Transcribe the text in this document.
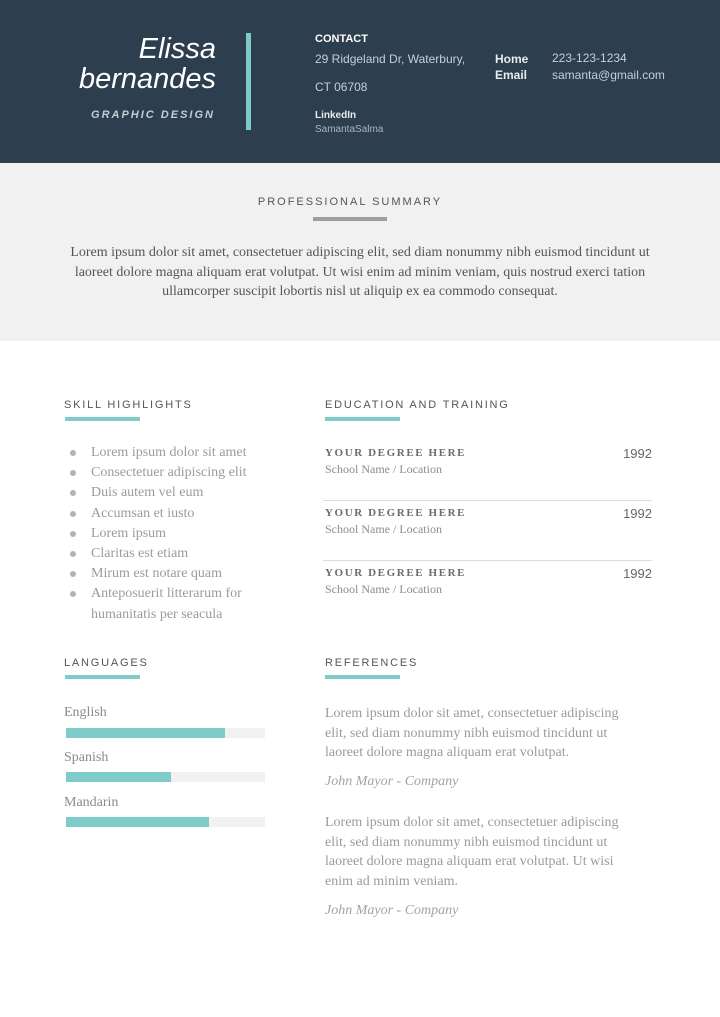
Elissa
bernandes
GRAPHIC DESIGN
CONTACT
29 Ridgeland Dr, Waterbury,
CT 06708
LinkedIn
SamantaSalma
Home 223-123-1234
Email samanta@gmail.com
PROFESSIONAL SUMMARY
Lorem ipsum dolor sit amet, consectetuer adipiscing elit, sed diam nonummy nibh euismod tincidunt ut laoreet dolore magna aliquam erat volutpat. Ut wisi enim ad minim veniam, quis nostrud exerci tation ullamcorper suscipit lobortis nisl ut aliquip ex ea commodo consequat.
SKILL HIGHLIGHTS
Lorem ipsum dolor sit amet
Consectetuer adipiscing elit
Duis autem vel eum
Accumsan et iusto
Lorem ipsum
Claritas est etiam
Mirum est notare quam
Anteposuerit litterarum for humanitatis per seacula
EDUCATION AND TRAINING
YOUR DEGREE HERE
School Name / Location
1992
YOUR DEGREE HERE
School Name / Location
1992
YOUR DEGREE HERE
School Name / Location
1992
LANGUAGES
English
Spanish
Mandarin
REFERENCES
Lorem ipsum dolor sit amet, consectetuer adipiscing elit, sed diam nonummy nibh euismod tincidunt ut laoreet dolore magna aliquam erat volutpat.
John Mayor - Company
Lorem ipsum dolor sit amet, consectetuer adipiscing elit, sed diam nonummy nibh euismod tincidunt ut laoreet dolore magna aliquam erat volutpat. Ut wisi enim ad minim veniam.
John Mayor - Company
